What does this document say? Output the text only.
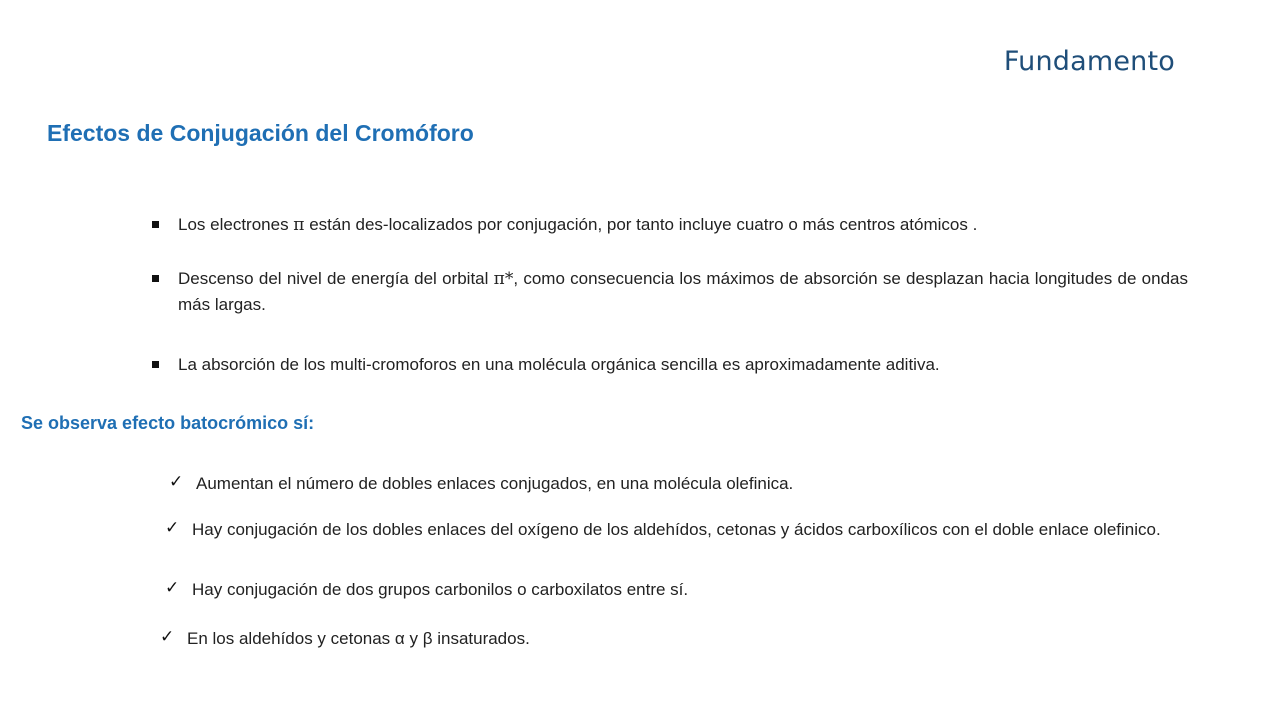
Fundamento
Efectos de Conjugación del Cromóforo
Los electrones π están des-localizados por conjugación, por tanto incluye cuatro o más centros atómicos .
Descenso del nivel de energía del orbital π*, como consecuencia los máximos de absorción se desplazan hacia longitudes de ondas más largas.
La absorción de los multi-cromoforos en una molécula orgánica sencilla es aproximadamente aditiva.
Se observa efecto batocrómico sí:
✓ Aumentan el número de dobles enlaces conjugados, en una molécula olefinica.
✓ Hay conjugación de los dobles enlaces del oxígeno de los aldehídos, cetonas y ácidos carboxílicos con el doble enlace olefinico.
✓ Hay conjugación de dos grupos carbonilos o carboxilatos entre sí.
✓ En los aldehídos y cetonas α y β insaturados.
